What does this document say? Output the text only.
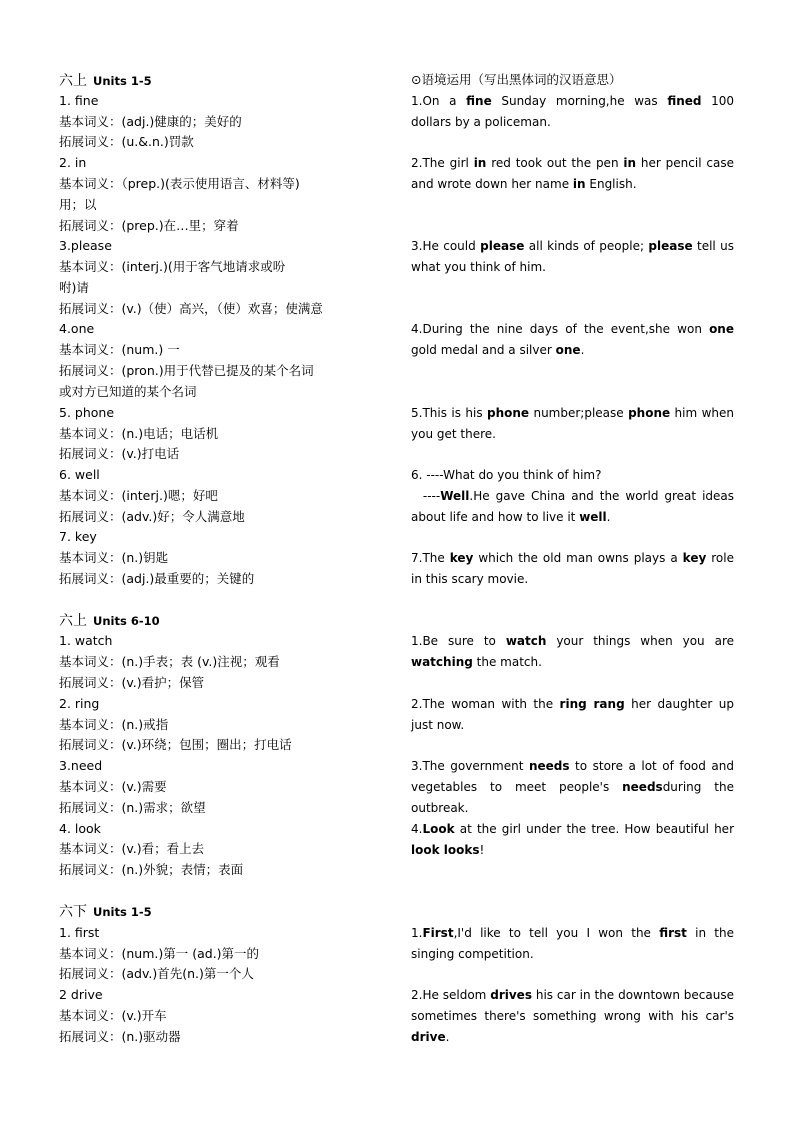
六上 Units 1-5
1. fine
基本词义：(adj.)健康的；美好的
拓展词义：(u.&.n.)罚款
2. in
基本词义：（prep.)(表示使用语言、材料等)
用；以
拓展词义：(prep.)在…里；穿着
3.please
基本词义：(interj.)(用于客气地请求或吩
咐)请
拓展词义：(v.)（使）高兴，（使）欢喜；使满意
4.one
基本词义：(num.) 一
拓展词义：(pron.)用于代替已提及的某个名词
或对方已知道的某个名词
5. phone
基本词义：(n.)电话；电话机
拓展词义：(v.)打电话
6. well
基本词义：(interj.)嗯；好吧
拓展词义：(adv.)好；令人满意地
7. key
基本词义：(n.)钥匙
拓展词义：(adj.)最重要的；关键的
六上 Units 6-10
1. watch
基本词义：(n.)手表；表 (v.)注视；观看
拓展词义：(v.)看护；保管
2. ring
基本词义：(n.)戒指
拓展词义：(v.)环绕；包围；圈出；打电话
3.need
基本词义：(v.)需要
拓展词义：(n.)需求；欲望
4. look
基本词义：(v.)看；看上去
拓展词义：(n.)外貌；表情；表面
六下 Units 1-5
1. first
基本词义：(num.)第一 (ad.)第一的
拓展词义：(adv.)首先(n.)第一个人
2 drive
基本词义：(v.)开车
拓展词义：(n.)驱动器
⊙语境运用（写出黑体词的汉语意思）
1.On a fine Sunday morning,he was fined 100 dollars by a policeman.
2.The girl in red took out the pen in her pencil case and wrote down her name in English.
3.He could please all kinds of people; please tell us what you think of him.
4.During the nine days of the event,she won one gold medal and a silver one.
5.This is his phone number;please phone him when you get there.
6. ----What do you think of him?
----Well.He gave China and the world great ideas about life and how to live it well.
7.The key which the old man owns plays a key role in this scary movie.
1.Be sure to watch your things when you are watching the match.
2.The woman with the ring rang her daughter up just now.
3.The government needs to store a lot of food and vegetables to meet people's needsduring the outbreak.
4.Look at the girl under the tree. How beautiful her look looks!
1.First,I'd like to tell you I won the first in the singing competition.
2.He seldom drives his car in the downtown because sometimes there's something wrong with his car's drive.
